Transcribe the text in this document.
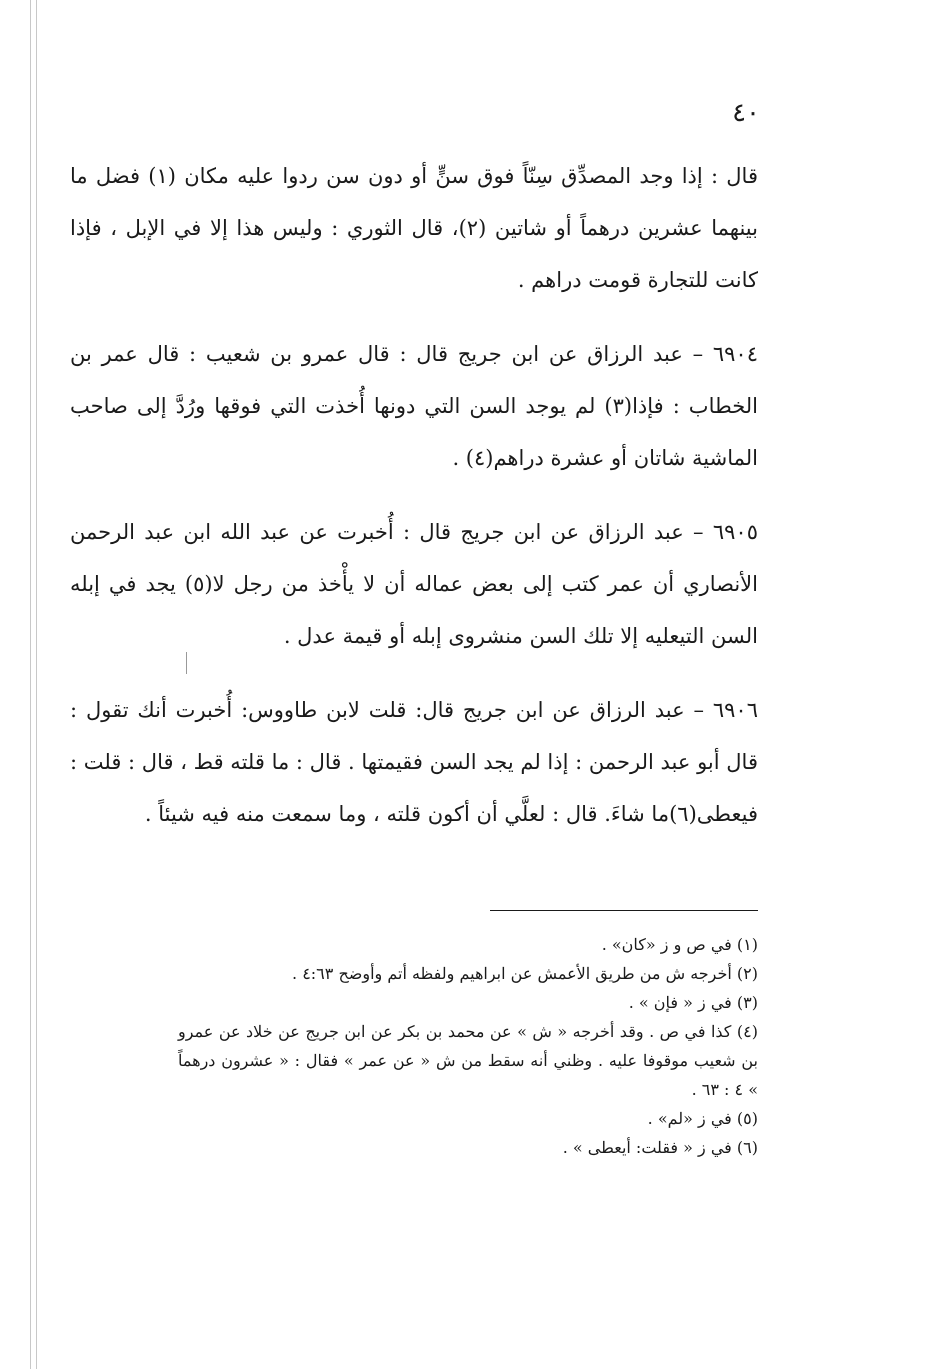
٤٠

قال : إذا وجد المصدِّق سِنّاً فوق سنٍّ أو دون سن ردوا عليه مكان (١) فضل ما بينهما عشرين درهماً أو شاتين (٢)، قال الثوري : وليس هذا إلا في الإبل ، فإذا كانت للتجارة قومت دراهم .

٦٩٠٤ – عبد الرزاق عن ابن جريج قال : قال عمرو بن شعيب : قال عمر بن الخطاب : فإذا(٣) لم يوجد السن التي دونها أُخذت التي فوقها ورُدَّ إلى صاحب الماشية شاتان أو عشرة دراهم(٤) .

٦٩٠٥ – عبد الرزاق عن ابن جريج قال : أُخبرت عن عبد الله ابن عبد الرحمن الأنصاري أن عمر كتب إلى بعض عماله أن لا يأْخذ من رجل لا(٥) يجد في إبله السن التيعليه إلا تلك السن منشروى إبله أو قيمة عدل .

٦٩٠٦ – عبد الرزاق عن ابن جريج قال: قلت لابن طاووس: أُخبرت أنك تقول : قال أبو عبد الرحمن : إذا لم يجد السن فقيمتها . قال : ما قلته قط ، قال : قلت : فيعطى(٦)ما شاءَ. قال : لعلَّي أن أكون قلته ، وما سمعت منه فيه شيئاً .

(١) في ص و ز «كان» .

(٢) أخرجه ش من طريق الأعمش عن ابراهيم ولفظه أتم وأوضح ٤:٦٣ .

(٣) في ز « فإن » .

(٤) كذا في ص . وقد أخرجه « ش » عن محمد بن بكر عن ابن جريج عن خلاد عن عمرو بن شعيب موقوفا عليه . وظني أنه سقط من ش « عن عمر » فقال : « عشرون درهماً » ٤ : ٦٣ .

(٥) في ز «لم» .

(٦) في ز « فقلت: أيعطى » .
